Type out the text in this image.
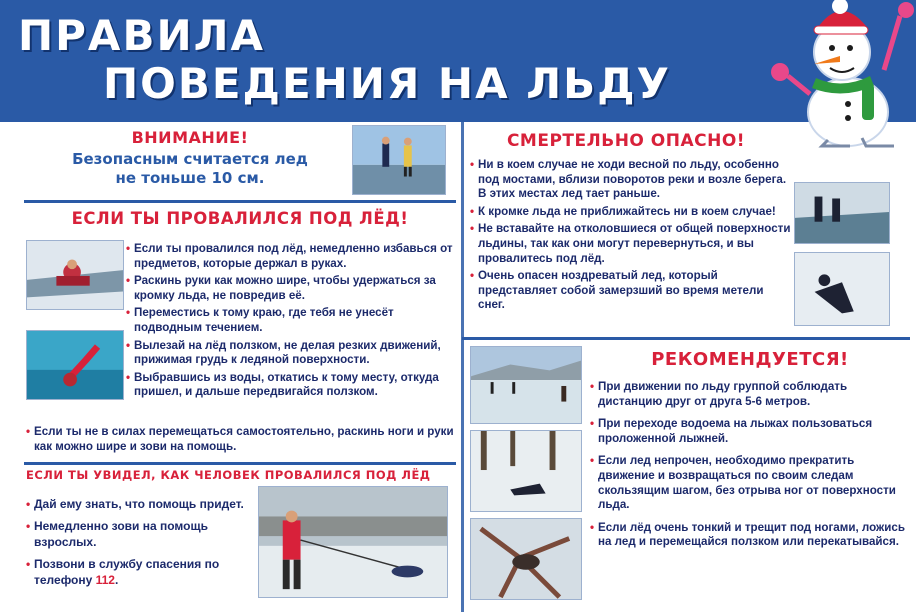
ПРАВИЛА
ПОВЕДЕНИЯ НА ЛЬДУ
ВНИМАНИЕ!
Безопасным считается лед
не тоньше 10 см.
ЕСЛИ ТЫ ПРОВАЛИЛСЯ ПОД ЛЁД!
• Если ты провалился под лёд, немедленно избавься от предметов, которые держал в руках.
• Раскинь руки как можно шире, чтобы удержаться за кромку льда, не повредив её.
• Переместись к тому краю, где тебя не унесёт подводным течением.
• Вылезай на лёд ползком, не делая резких движений, прижимая грудь к ледяной поверхности.
• Выбравшись из воды, откатись к тому месту, откуда пришел, и дальше передвигайся ползком.
• Если ты не в силах перемещаться самостоятельно, раскинь ноги и руки как можно шире и зови на помощь.
ЕСЛИ ТЫ УВИДЕЛ, КАК ЧЕЛОВЕК ПРОВАЛИЛСЯ ПОД ЛЁД
• Дай ему знать, что помощь придет.
• Немедленно зови на помощь взрослых.
• Позвони в службу спасения по телефону 112.
СМЕРТЕЛЬНО ОПАСНО!
• Ни в коем случае не ходи весной по льду, особенно под мостами, вблизи поворотов реки и возле берега. В этих местах лед тает раньше.
• К кромке льда не приближайтесь ни в коем случае!
• Не вставайте на отколовшиеся от общей поверхности льдины, так как они могут перевернуться, и вы провалитесь под лёд.
• Очень опасен ноздреватый лед, который представляет собой замерзший во время метели снег.
РЕКОМЕНДУЕТСЯ!
• При движении по льду группой соблюдать дистанцию друг от друга 5-6 метров.
• При переходе водоема на лыжах пользоваться проложенной лыжней.
• Если лед непрочен, необходимо прекратить движение и возвращаться по своим следам скользящим шагом, без отрыва ног от поверхности льда.
• Если лёд очень тонкий и трещит под ногами, ложись на лед и перемещайся ползком или перекатывайся.
